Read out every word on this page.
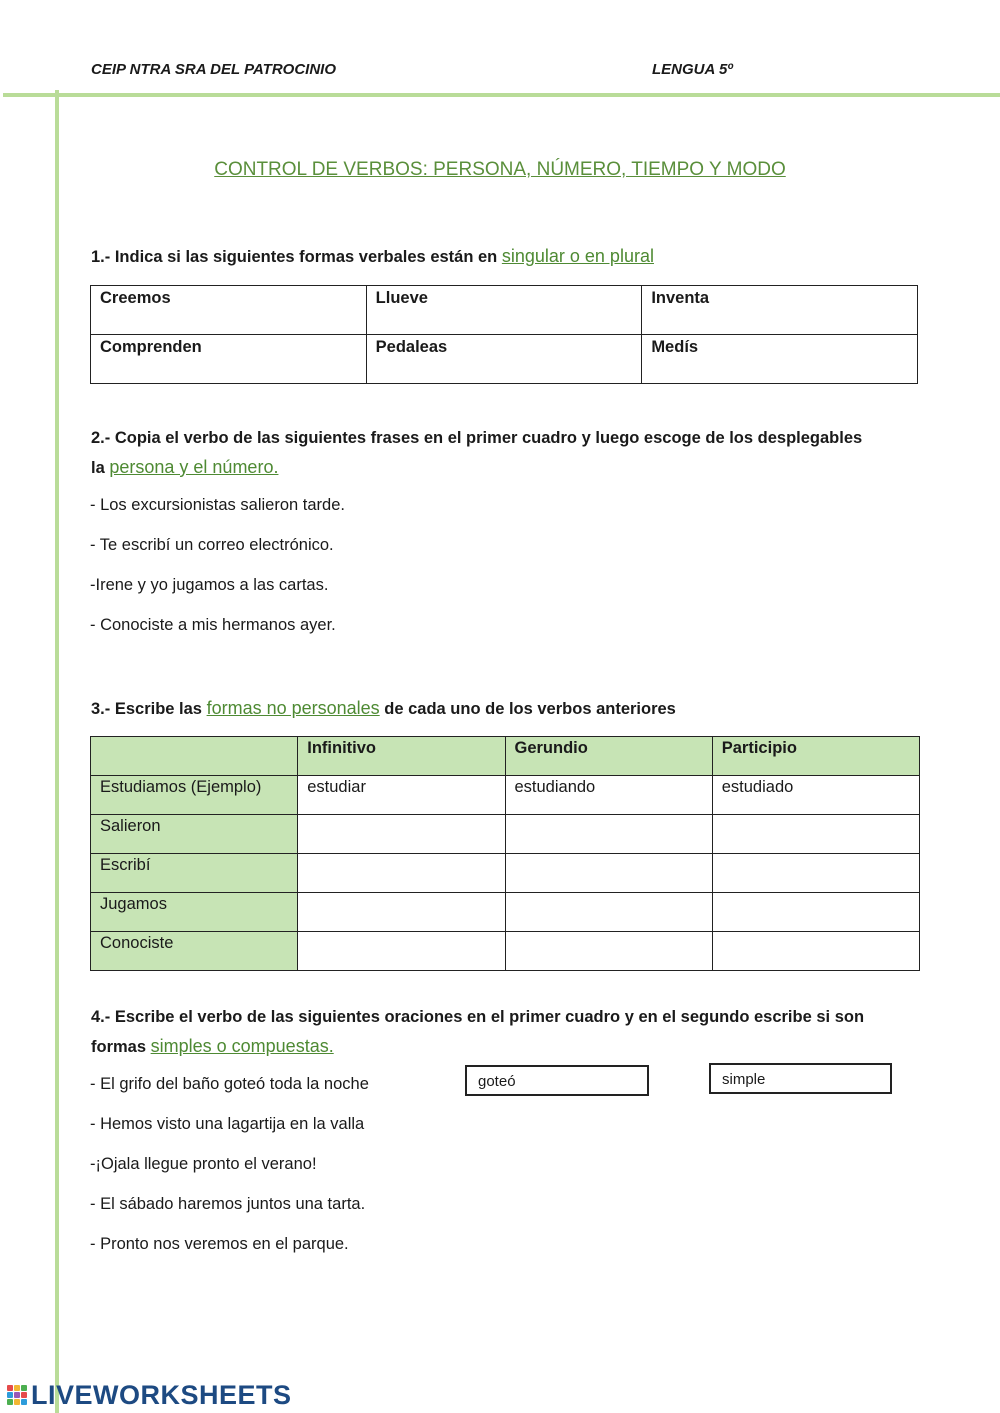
CEIP NTRA SRA DEL PATROCINIO	LENGUA 5º
CONTROL DE VERBOS: PERSONA, NÚMERO, TIEMPO Y MODO
1.- Indica si las siguientes formas verbales están en singular o en plural
Creemos	Llueve	Inventa
Comprenden	Pedaleas	Medís
2.- Copia el verbo de las siguientes frases en el primer cuadro y luego escoge de los desplegables
la persona y el número.
- Los excursionistas salieron tarde.
- Te escribí un correo electrónico.
-Irene y yo jugamos a las cartas.
- Conociste a mis hermanos ayer.
3.- Escribe las formas no personales de cada uno de los verbos anteriores
	Infinitivo	Gerundio	Participio
Estudiamos (Ejemplo)	estudiar	estudiando	estudiado
Salieron			
Escribí			
Jugamos			
Conociste			
4.- Escribe el verbo de las siguientes oraciones en el primer cuadro y en el segundo escribe si son
formas simples o compuestas.
- El grifo del baño goteó toda la noche
- Hemos visto una lagartija en la valla
-¡Ojala llegue pronto el verano!
- El sábado haremos juntos una tarta.
- Pronto nos veremos en el parque.
goteó	simple
LIVEWORKSHEETS
